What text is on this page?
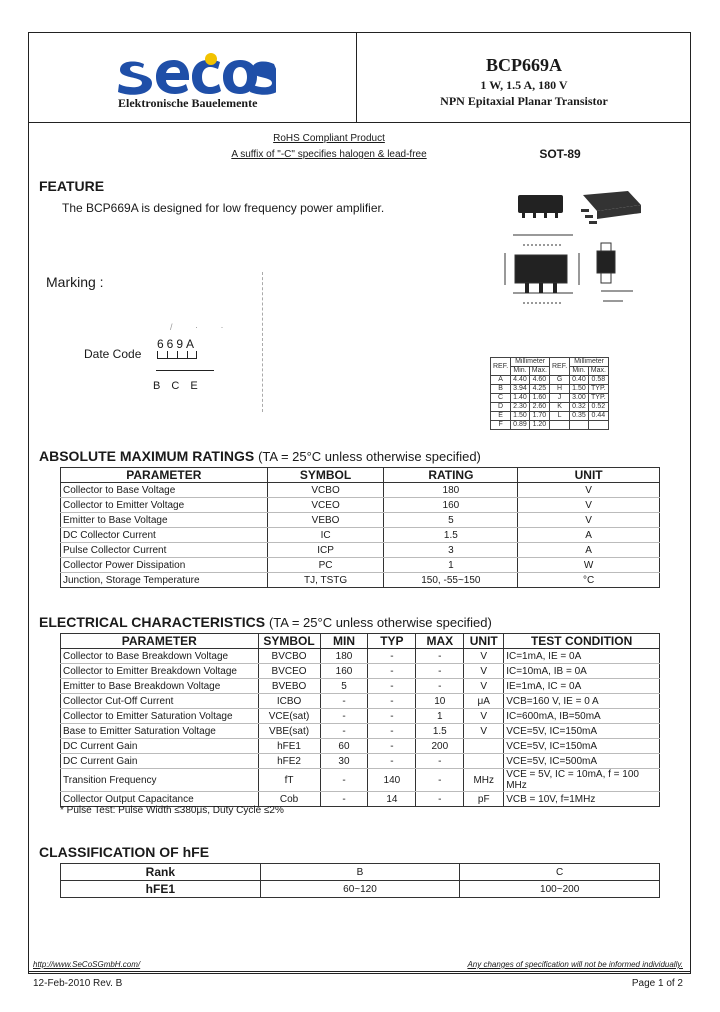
Elektronische Bauelemente
BCP669A
1 W, 1.5 A, 180 V
NPN Epitaxial Planar Transistor
RoHS Compliant Product
A suffix of "-C" specifies halogen & lead-free	SOT-89
FEATURE
The BCP669A is designed for low frequency power amplifier.
Marking :
/ · ·
669A
Date Code
B C E
REF.	Millimeter		REF.	Millimeter	
	Min.	Max.		Min.	Max.
A	4.40	4.60	G	0.40	0.58
B	3.94	4.25	H	1.50	TYP.
C	1.40	1.60	J	3.00	TYP.
D	2.30	2.60	K	0.32	0.52
E	1.50	1.70	L	0.35	0.44
F	0.89	1.20			
ABSOLUTE MAXIMUM RATINGS (TA = 25°C unless otherwise specified)
PARAMETER	SYMBOL	RATING	UNIT
Collector to Base Voltage	VCBO	180	V
Collector to Emitter Voltage	VCEO	160	V
Emitter to Base Voltage	VEBO	5	V
DC Collector Current	IC	1.5	A
Pulse Collector Current	ICP	3	A
Collector Power Dissipation	PC	1	W
Junction, Storage Temperature	TJ, TSTG	150, -55~150	°C
ELECTRICAL CHARACTERISTICS (TA = 25°C unless otherwise specified)
PARAMETER	SYMBOL	MIN	TYP	MAX	UNIT	TEST CONDITION
Collector to Base Breakdown Voltage	BVCBO	180	-	-	V	IC=1mA, IE = 0A
Collector to Emitter Breakdown Voltage	BVCEO	160	-	-	V	IC=10mA, IB = 0A
Emitter to Base Breakdown Voltage	BVEBO	5	-	-	V	IE=1mA, IC = 0A
Collector Cut-Off Current	ICBO	-	-	10	μA	VCB=160 V, IE = 0 A
Collector to Emitter Saturation Voltage	VCE(sat)	-	-	1	V	IC=600mA, IB=50mA
Base to Emitter Saturation Voltage	VBE(sat)	-	-	1.5	V	VCE=5V, IC=150mA
DC Current Gain	hFE1	60	-	200		VCE=5V, IC=150mA
DC Current Gain	hFE2	30	-	-		VCE=5V, IC=500mA
Transition Frequency	fT	-	140	-	MHz	VCE = 5V, IC = 10mA, f = 100 MHz
Collector Output Capacitance	Cob	-	14	-	pF	VCB = 10V, f=1MHz
* Pulse Test: Pulse Width ≤380μs, Duty Cycle ≤2%
CLASSIFICATION OF hFE
Rank	B	C
hFE1	60~120	100~200
http://www.SeCoSGmbH.com/	Any changes of specification will not be informed individually.
12-Feb-2010 Rev. B	Page 1 of 2
